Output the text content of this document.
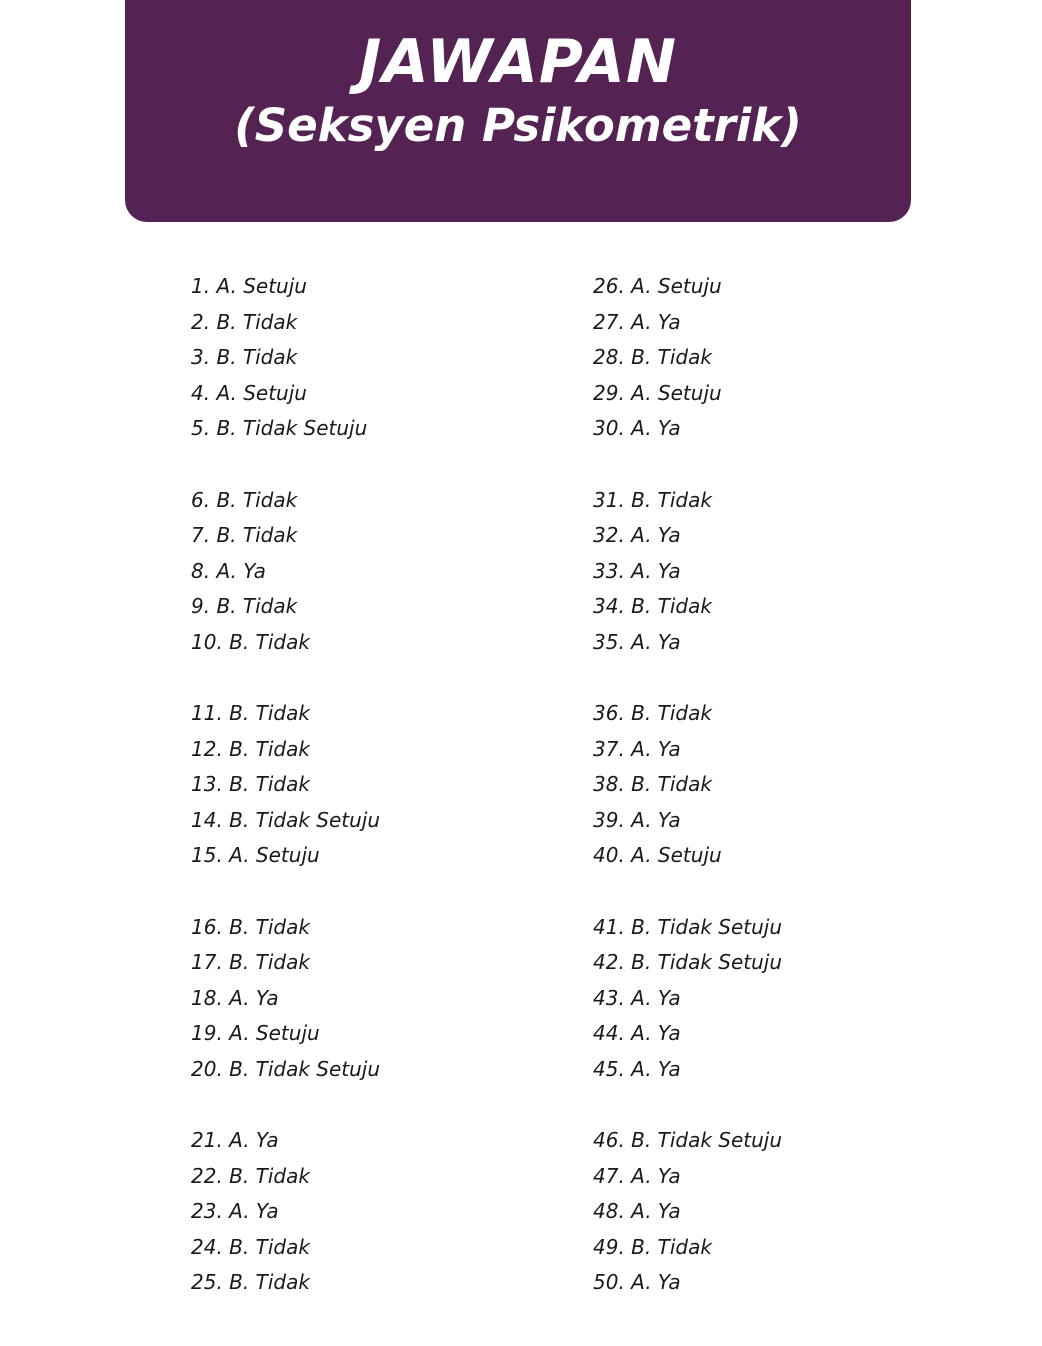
JAWAPAN
(Seksyen Psikometrik)
1. A. Setuju
2. B. Tidak
3. B. Tidak
4. A. Setuju
5. B. Tidak Setuju
6. B. Tidak
7. B. Tidak
8. A. Ya
9. B. Tidak
10. B. Tidak
11. B. Tidak
12. B. Tidak
13. B. Tidak
14. B. Tidak Setuju
15. A. Setuju
16. B. Tidak
17. B. Tidak
18. A. Ya
19. A. Setuju
20. B. Tidak Setuju
21. A. Ya
22. B. Tidak
23. A. Ya
24. B. Tidak
25. B. Tidak
26. A. Setuju
27. A. Ya
28. B. Tidak
29. A. Setuju
30. A. Ya
31. B. Tidak
32. A. Ya
33. A. Ya
34. B. Tidak
35. A. Ya
36. B. Tidak
37. A. Ya
38. B. Tidak
39. A. Ya
40. A. Setuju
41. B. Tidak Setuju
42. B. Tidak Setuju
43. A. Ya
44. A. Ya
45. A. Ya
46. B. Tidak Setuju
47. A. Ya
48. A. Ya
49. B. Tidak
50. A. Ya
